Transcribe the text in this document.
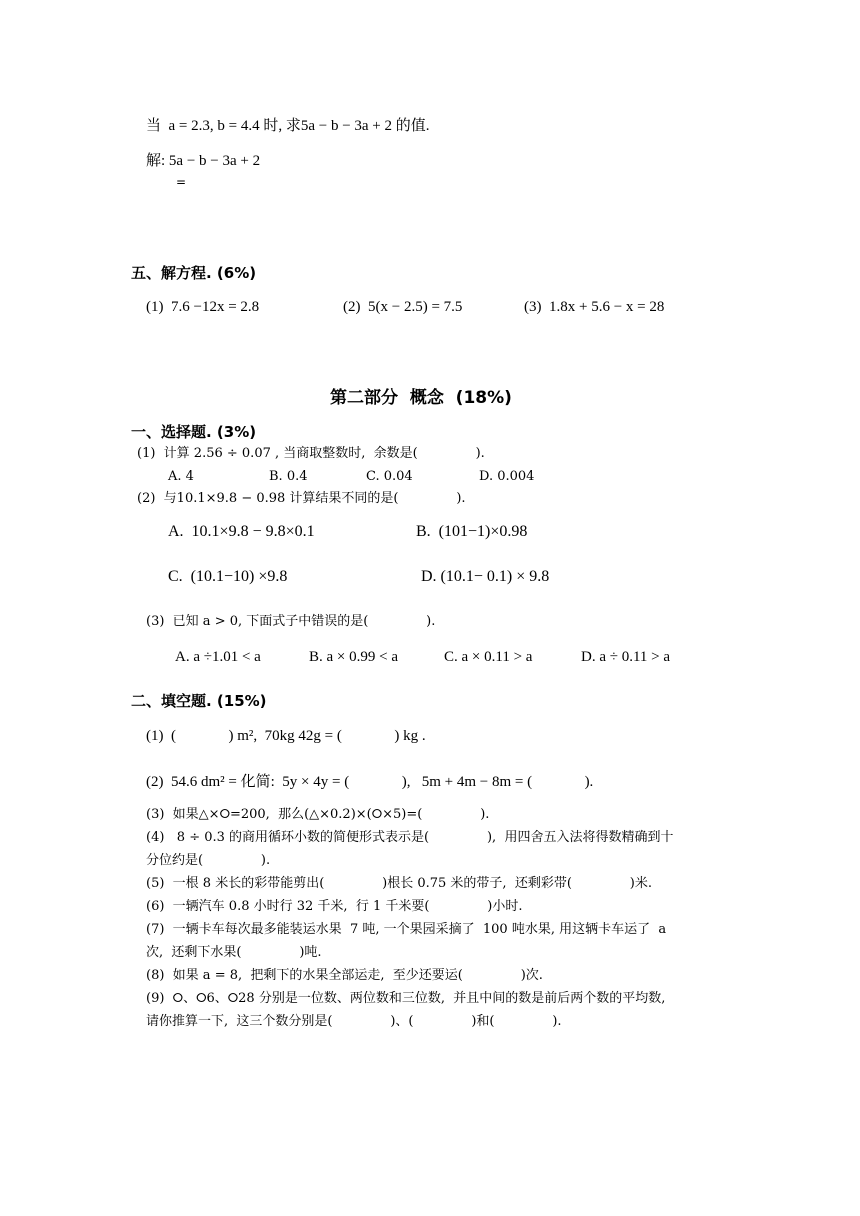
当  a = 2.3, b = 4.4 时, 求5a − b − 3a + 2 的值.
解: 5a − b − 3a + 2
=
五、解方程. (6%)
(1)  7.6 −12x = 2.8	(2)  5(x − 2.5) = 7.5	(3)  1.8x + 5.6 − x = 28
第二部分  概念  (18%)
一、选择题. (3%)
(1)  计算 2.56 ÷ 0.07 , 当商取整数时,  余数是(              ).
A. 4	B. 0.4	C. 0.04	D. 0.004
(2)  与10.1×9.8 − 0.98 计算结果不同的是(              ).
A.  10.1×9.8 − 9.8×0.1	B.  (101−1)×0.98
C.  (10.1−10) ×9.8	D. (10.1− 0.1) × 9.8
(3)  已知 a > 0, 下面式子中错误的是(              ).
A. a ÷1.01 < a	B. a × 0.99 < a	C. a × 0.11 > a	D. a ÷ 0.11 > a
二、填空题. (15%)
(1)  (              ) m²,  70kg 42g = (              ) kg .
(2)  54.6 dm² = 化简:  5y × 4y = (              ),   5m + 4m − 8m = (              ).
(3)  如果△×⭘=200,  那么(△×0.2)×(⭘×5)=(              ).
(4)   8 ÷ 0.3 的商用循环小数的简便形式表示是(              ),  用四舍五入法将得数精确到十
分位约是(              ).
(5)  一根 8 米长的彩带能剪出(              )根长 0.75 米的带子,  还剩彩带(              )米.
(6)  一辆汽车 0.8 小时行 32 千米,  行 1 千米要(              )小时.
(7)  一辆卡车每次最多能装运水果  7 吨, 一个果园采摘了  100 吨水果, 用这辆卡车运了  a
次,  还剩下水果(              )吨.
(8)  如果 a = 8,  把剩下的水果全部运走,  至少还要运(              )次.
(9)  ⭘、⭘6、⭘28 分别是一位数、两位数和三位数,  并且中间的数是前后两个数的平均数,
请你推算一下,  这三个数分别是(              )、(              )和(              ).
